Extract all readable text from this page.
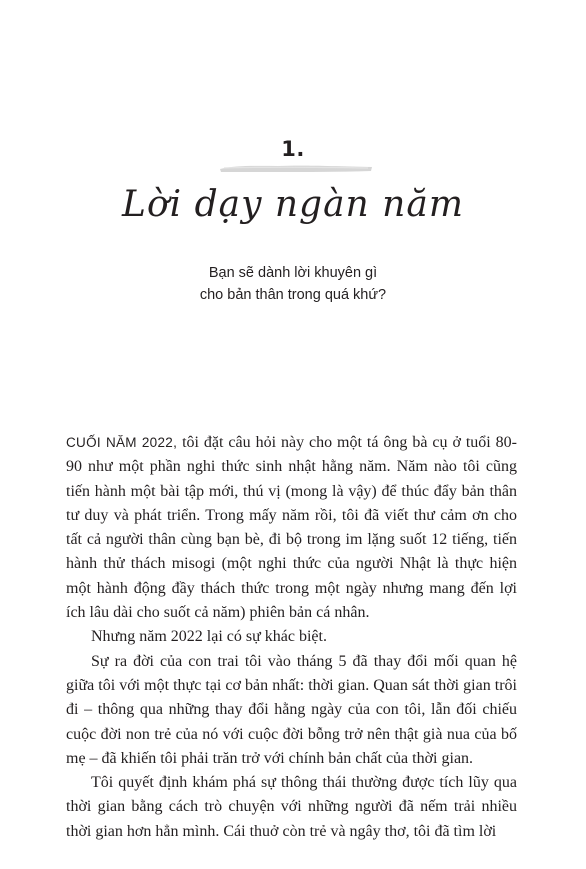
1.
Lời dạy ngàn năm
Bạn sẽ dành lời khuyên gì
cho bản thân trong quá khứ?

CUỐI NĂM 2022, tôi đặt câu hỏi này cho một tá ông bà cụ ở tuổi 80-90 như một phần nghi thức sinh nhật hằng năm. Năm nào tôi cũng tiến hành một bài tập mới, thú vị (mong là vậy) để thúc đẩy bản thân tư duy và phát triển. Trong mấy năm rồi, tôi đã viết thư cảm ơn cho tất cả người thân cùng bạn bè, đi bộ trong im lặng suốt 12 tiếng, tiến hành thử thách misogi (một nghi thức của người Nhật là thực hiện một hành động đầy thách thức trong một ngày nhưng mang đến lợi ích lâu dài cho suốt cả năm) phiên bản cá nhân.

Nhưng năm 2022 lại có sự khác biệt.

Sự ra đời của con trai tôi vào tháng 5 đã thay đổi mối quan hệ giữa tôi với một thực tại cơ bản nhất: thời gian. Quan sát thời gian trôi đi – thông qua những thay đổi hằng ngày của con tôi, lẫn đối chiếu cuộc đời non trẻ của nó với cuộc đời bỗng trở nên thật già nua của bố mẹ – đã khiến tôi phải trăn trở với chính bản chất của thời gian.

Tôi quyết định khám phá sự thông thái thường được tích lũy qua thời gian bằng cách trò chuyện với những người đã nếm trải nhiều thời gian hơn hẳn mình. Cái thuở còn trẻ và ngây thơ, tôi đã tìm lời
